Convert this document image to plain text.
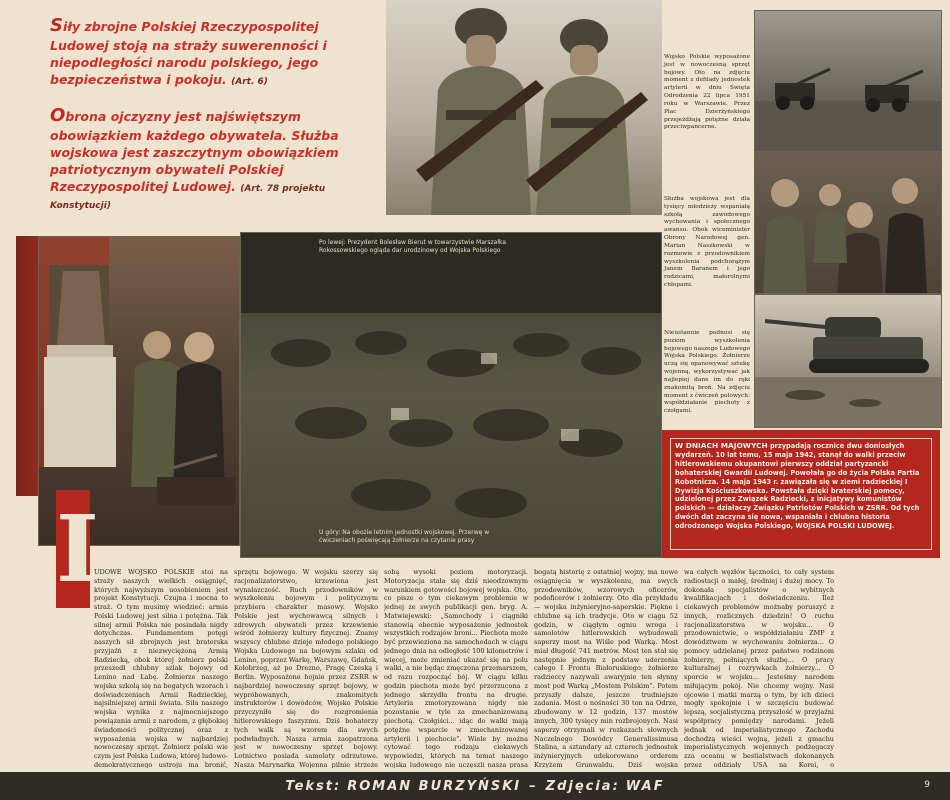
Siły zbrojne Polskiej Rzeczypospolitej Ludowej stoją na straży suwerenności i niepodległości narodu polskiego, jego bezpieczeństwa i pokoju. (Art. 6)
Obrona ojczyzny jest najświętszym obowiązkiem każdego obywatela. Służba wojskowa jest zaszczytnym obowiązkiem patriotycznym obywateli Polskiej Rzeczypospolitej Ludowej. (Art. 78 projektu Konstytucji)
Wojsko Polskie wyposażone jest w nowoczesną sprzęt bojowy. Oto na zdjęciu moment z defilady jednostek artylerii w dniu Święta Odrodzenia 22 lipca 1951 roku w Warszawie. Przez Plac Dzierżyńskiego przejeżdżają potężne działa przeciwpancerne.
Służba wojskowa jest dla tysięcy młodzieży wspaniałą szkołą zawodowego wychowania i społecznego awansu. Obok wiceminister Obrony Narodowej gen. Marian Naszkowski w rozmowie z przodownikiem wyszkolenia podchorążym Janem Baranem i jego rodzicami, małorolnymi chłopami.
Nieustannie podnosi się poziom wyszkolenia bojowego naszego Ludowego Wojska Polskiego. Żołnierze uczą się opanowywać sztukę wojenną, wykorzystywać jak najlepiej dane im do ręki znakomitą broń. Na zdjęciu moment z ćwiczeń polowych: współdziałanie piechoty z czołgami.
W DNIACH MAJOWYCH przypadają rocznice dwu doniosłych wydarzeń. 10 lat temu, 15 maja 1942, stanął do walki przeciw hitlerowskiemu okupantowi pierwszy oddział partyzancki bohaterskiej Gwardii Ludowej. Powołała go do życia Polska Partia Robotnicza. 14 maja 1943 r. zawiązała się w ziemi radzieckiej I Dywizja Kościuszkowska. Powstała dzięki braterskiej pomocy, udzielonej przez Związek Radziecki, z inicjatywy komunistów polskich — działaczy Związku Patriotów Polskich w ZSRR. Od tych dwóch dat zaczyna się nowa, wspaniała i chlubna historia odrodzonego Wojska Polskiego, WOJSKA POLSKI LUDOWEJ.
Po lewej: Prezydent Bolesław Bierut w towarzystwie Marszałka Rokossowskiego ogląda dar urodzinowy od Wojska Polskiego
U góry: Na obozie letnim jednostki wojskowej. Przerwę w ćwiczeniach poświęcają żołnierze na czytanie prasy
L
UDOWE WOJSKO POLSKIE stoi na straży naszych wielkich osiągnięć, których najwyższym uosobieniem jest projekt Konstytucji. Czujna i mocna to straż. O tym musimy wiedzieć: armia Polski Ludowej jest silna i potężna. Tak silnej armii Polska nie posiadała nigdy dotychczas. Fundamentem potęgi naszych sił zbrojnych jest braterska przyjaźń z niezwyciężoną Armią Radziecką, obok której żołnierz polski przeszedł chlubny szlak bojowy od Lenino nad Łabę. Żołnierze naszego wojska szkolą się na bogatych wzorach i doświadczeniach Armii Radzieckiej, najsilniejszej armii świata. Siła naszego wojska wynika z najmocniejszego powiązania armii z narodem, z głębokiej świadomości politycznej oraz z wyposażenia wojska w najbardziej nowoczesny sprzęt. Żołnierz polski wie czym jest Polska Ludowa, której ludowo-demokratycznego ustroju ma bronić,
sprzętu bojowego. W wojsku szerzy się racjonalizatorstwo, krzewiona jest wynalazczość. Ruch przodowników w wyszkoleniu bojowym i politycznym przybiera charakter masowy. Wojsko Polskie jest wychowawcą silnych i zdrowych obywateli przez krzewienie wśród żołnierzy kultury fizycznej. Znamy wszyscy chlubne dzieje młodego polskiego Wojska Ludowego na bojowym szlaku od Lenino, poprzez Warkę, Warszawę, Gdańsk, Kołobrzeg, aż po Drezno, Pragę Czeską i Berlin. Wyposażone hojnie przez ZSRR w najbardziej nowoczesny sprzęt bojowy, w wypróbowanych, znakomitych instruktorów i dowódców, Wojsko Polskie przyczyniło się do rozgromienia hitlerowskiego faszyzmu. Dziś bohaterzy tych walk są wzorem dla swych podwładnych. Nasza armia zaopatrzona jest w nowoczesny sprzęt bojowy. Lotnictwo posiada samoloty odrzutowe. Nasza Marynarka Wojenna pilnie strzeże
sobą wysoki poziom motoryzacji. Motoryzacja stała się dziś nieodzownym warunkiem gotowości bojowej wojska. Oto, co pisze o tym ciekawym problemie w jednej ze swych publikacji gen. bryg. A. Matwiejewski: „Samochody i ciągniki stanowią obecnie wyposażenie jednostek wszystkich rodzajów broni... Piechota może być przewieziona na samochodach w ciągu jednego dnia na odległość 100 kilometrów i więcej, może zmieniać ukazać się na polu walki, a nie będąc zmęczona przemarszem, od razu rozpocząć bój. W ciągu kilku godzin piechota może być przerzucona z jednego skrzydła frontu na drugie. Artyleria zmotoryzowana nigdy nie pozostanie w tyle za zmechanizowaną piechotą. Czołgiści... idąc do walki mają potężne wsparcie w zmechanizowanej artylerii i piechocie”. Wiele by można cytować tego rodzaju ciekawych wypowiedzi, których na temat naszego wojska ludowego nie uczęszli nasza prasa
bogatą historię z ostatniej wojny, ma nowe osiągnięcia w wyszkoleniu, ma swych przodowników, wzorowych oficerów, podoficerów i żołnierzy. Oto dla przykładu — wojska inżynieryjno-saperskie. Piękne i chlubne są ich tradycje. Oto w ciągu 52 godzin, w ciągłym ogniu wroga i samolotów hitlerowskich wybudowali saperzy most na Wiśle pod Warką. Most miał długość 741 metrów. Most ten stał się następnie jednym z podstaw uderzenia całego I Frontu Białoruskiego; żołnierze radzieccy nazywali awaryjnie ten słynny most pod Warką „Mostem Polskim”. Potem przyszły dalsze, jeszcze trudniejsze zadania. Most o nośności 30 ton na Odrze, zbudowany w 12 godzin, 137 mostów innych, 300 tysięcy min rozbrojonych. Nasi saperzy otrzymali w rozkazach słownych Naczelnego Dowódcy Generalissimusa Stalina, a sztandary aż czterech jednostek inżynieryjnych udekorowano orderem Krzyżem Grunwaldu. Dziś wojska
wa całych węzłów łączności, to cały system radiostacji o małej, średniej i dużej mocy. To dokonała specjalistów o wybitnych kwalifikacjach i doświadczeniu. Ileż ciekawych problemów możnaby poruszyć z innych, rozlicznych dziedzin! O ruchu racjonalizatorstwa w wojsku... O przodownictwie, o współdziałaniu ZMP z dowództwem w wychowaniu żołnierza... O pomocy udzielanej przez państwo rodzinom żołnierzy, pełniących służbę... O pracy kulturalnej i rozrywkach żołnierzy... O sporcie w wojsku... Jesteśmy narodem miłującym pokój. Nie chcemy wojny. Nasi ojcowie i matki marzą o tym, by ich dzieci mogły spokojnie i w szczęściu budować lepszą, socjalistyczną przyszłość w przyjaźni współpracy pomiędzy narodami. Jeżeli jednak od imperialistycznego Zachodu dochodzą wieści wojną, jeżeli z gmachu imperialistycznych wojennych podżegaczy zza oceanu w bestialstwach dokonanych przez oddziały USA na Korei, o
Tekst: ROMAN BURZYŃSKI – Zdjęcia: WAF	9
